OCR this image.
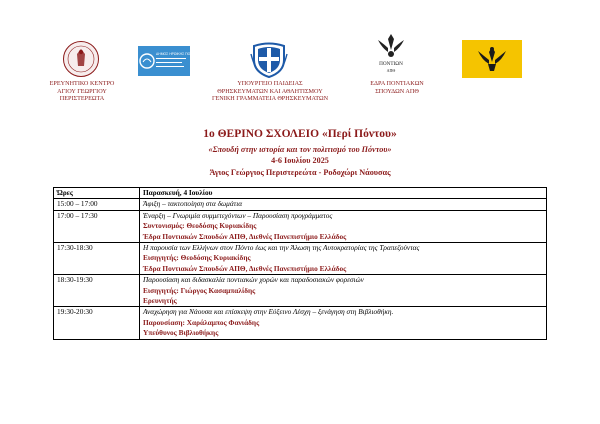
ΔΗΜΟΣ ΗΡΩΙΚΗΣ ΠΟΛΗΣ ΝΑΟΥΣΑΣ
ΠΟΝΤΙΩΝ
ΑΠΘ
ΕΡΕΥΝΗΤΙΚΟ ΚΕΝΤΡΟ
ΑΓΙΟΥ ΓΕΩΡΓΙΟΥ
ΠΕΡΙΣΤΕΡΕΩΤΑ
ΥΠΟΥΡΓΕΙΟ ΠΑΙΔΕΙΑΣ
ΘΡΗΣΚΕΥΜΑΤΩΝ ΚΑΙ ΑΘΛΗΤΙΣΜΟΥ
ΓΕΝΙΚΗ ΓΡΑΜΜΑΤΕΙΑ ΘΡΗΣΚΕΥΜΑΤΩΝ
ΕΔΡΑ ΠΟΝΤΙΑΚΩΝ
ΣΠΟΥΔΩΝ ΑΠΘ
1ο ΘΕΡΙΝΟ ΣΧΟΛΕΙΟ «Περί Πόντου»
«Σπουδή στην ιστορία και τον πολιτισμό του Πόντου»
4-6 Ιουλίου 2025
Άγιος Γεώργιος Περιστερεώτα - Ροδοχώρι Νάουσας
Ώρες	Παρασκευή, 4 Ιουλίου
15:00 – 17:00	Άφιξη – τακτοποίηση στα δωμάτια

17:00 – 17:30	Έναρξη – Γνωριμία συμμετεχόντων – Παρουσίαση προγράμματος
Συντονισμός: Θεοδόσης Κυριακίδης
Έδρα Ποντιακών Σπουδών ΑΠΘ, Διεθνές Πανεπιστήμιο Ελλάδος

17:30-18:30	Η παρουσία των Ελλήνων στον Πόντο έως και την Άλωση της Αυτοκρατορίας της Τραπεζούντας
Εισηγητής: Θεοδόσης Κυριακίδης
Έδρα Ποντιακών Σπουδών ΑΠΘ, Διεθνές Πανεπιστήμιο Ελλάδος

18:30-19:30	Παρουσίαση και διδασκαλία ποντιακών χορών και παραδοσιακών φορεσιών
Εισηγητής: Γιώργος Κασαμπαλίδης
Ερευνητής

19:30-20:30	Αναχώρηση για Νάουσα και επίσκεψη στην Εύξεινο Λέσχη – ξενάγηση στη Βιβλιοθήκη.
Παρουσίαση: Χαράλαμπος Φανιάδης
Υπεύθυνος Βιβλιοθήκης
